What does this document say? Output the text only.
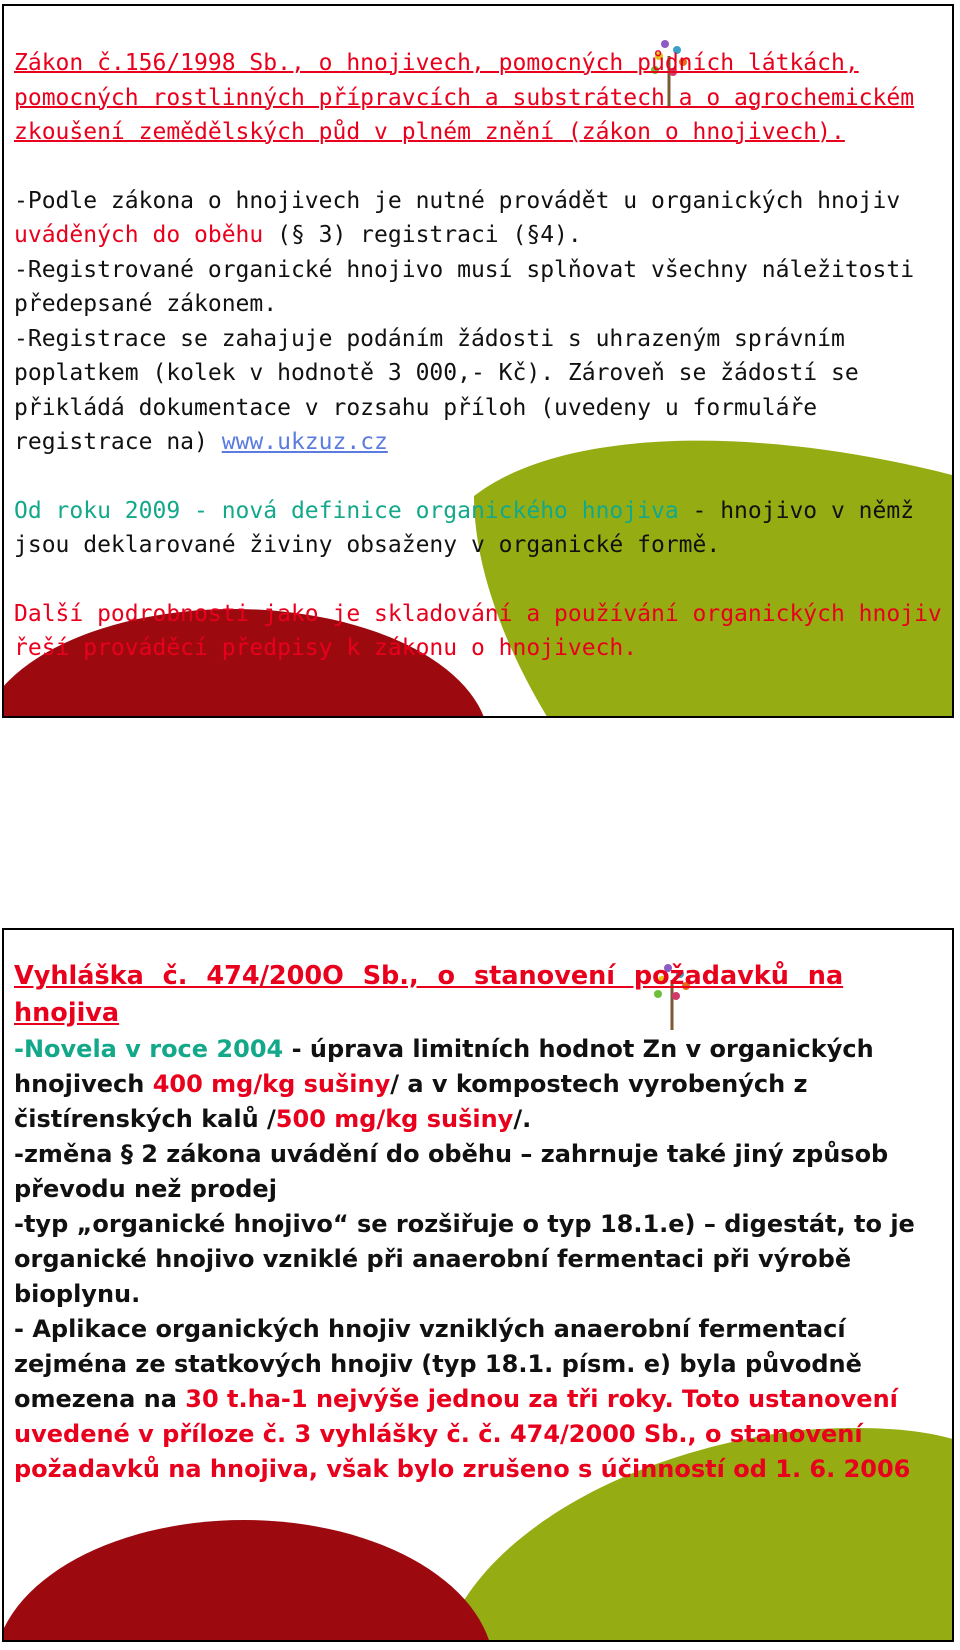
Zákon č.156/1998 Sb., o hnojivech, pomocných půdních látkách, pomocných rostlinných přípravcích a substrátech a o agrochemickém zkoušení zemědělských půd v plném znění (zákon o hnojivech).

-Podle zákona o hnojivech je nutné provádět u organických hnojiv uváděných do oběhu (§ 3) registraci (§4).

-Registrované organické hnojivo musí splňovat všechny náležitosti předepsané zákonem.

-Registrace se zahajuje podáním žádosti s uhrazeným správním poplatkem (kolek v hodnotě 3 000,- Kč). Zároveň se žádostí se přikládá dokumentace v rozsahu příloh (uvedeny u formuláře registrace na) www.ukzuz.cz

Od roku 2009 - nová definice organického hnojiva - hnojivo v němž jsou deklarované živiny obsaženy v organické formě.

Další podrobnosti jako je skladování a používání organických hnojiv řeší prováděcí předpisy k zákonu o hnojivech.

Vyhláška č. 474/200O Sb., o stanovení požadavků na hnojiva

-Novela v roce 2004 - úprava limitních hodnot Zn v organických hnojivech 400 mg/kg sušiny/ a v kompostech vyrobených z čistírenských kalů /500 mg/kg sušiny/.

-změna § 2 zákona uvádění do oběhu – zahrnuje také jiný způsob převodu než prodej

-typ „organické hnojivo“ se rozšiřuje o typ 18.1.e) – digestát, to je organické hnojivo vzniklé při anaerobní fermentaci při výrobě bioplynu.

- Aplikace organických hnojiv vzniklých anaerobní fermentací zejména ze statkových hnojiv (typ 18.1. písm. e) byla původně omezena na 30 t.ha-1 nejvýše jednou za tři roky. Toto ustanovení uvedené v příloze č. 3 vyhlášky č. č. 474/2000 Sb., o stanovení požadavků na hnojiva, však bylo zrušeno s účinností od 1. 6. 2006
